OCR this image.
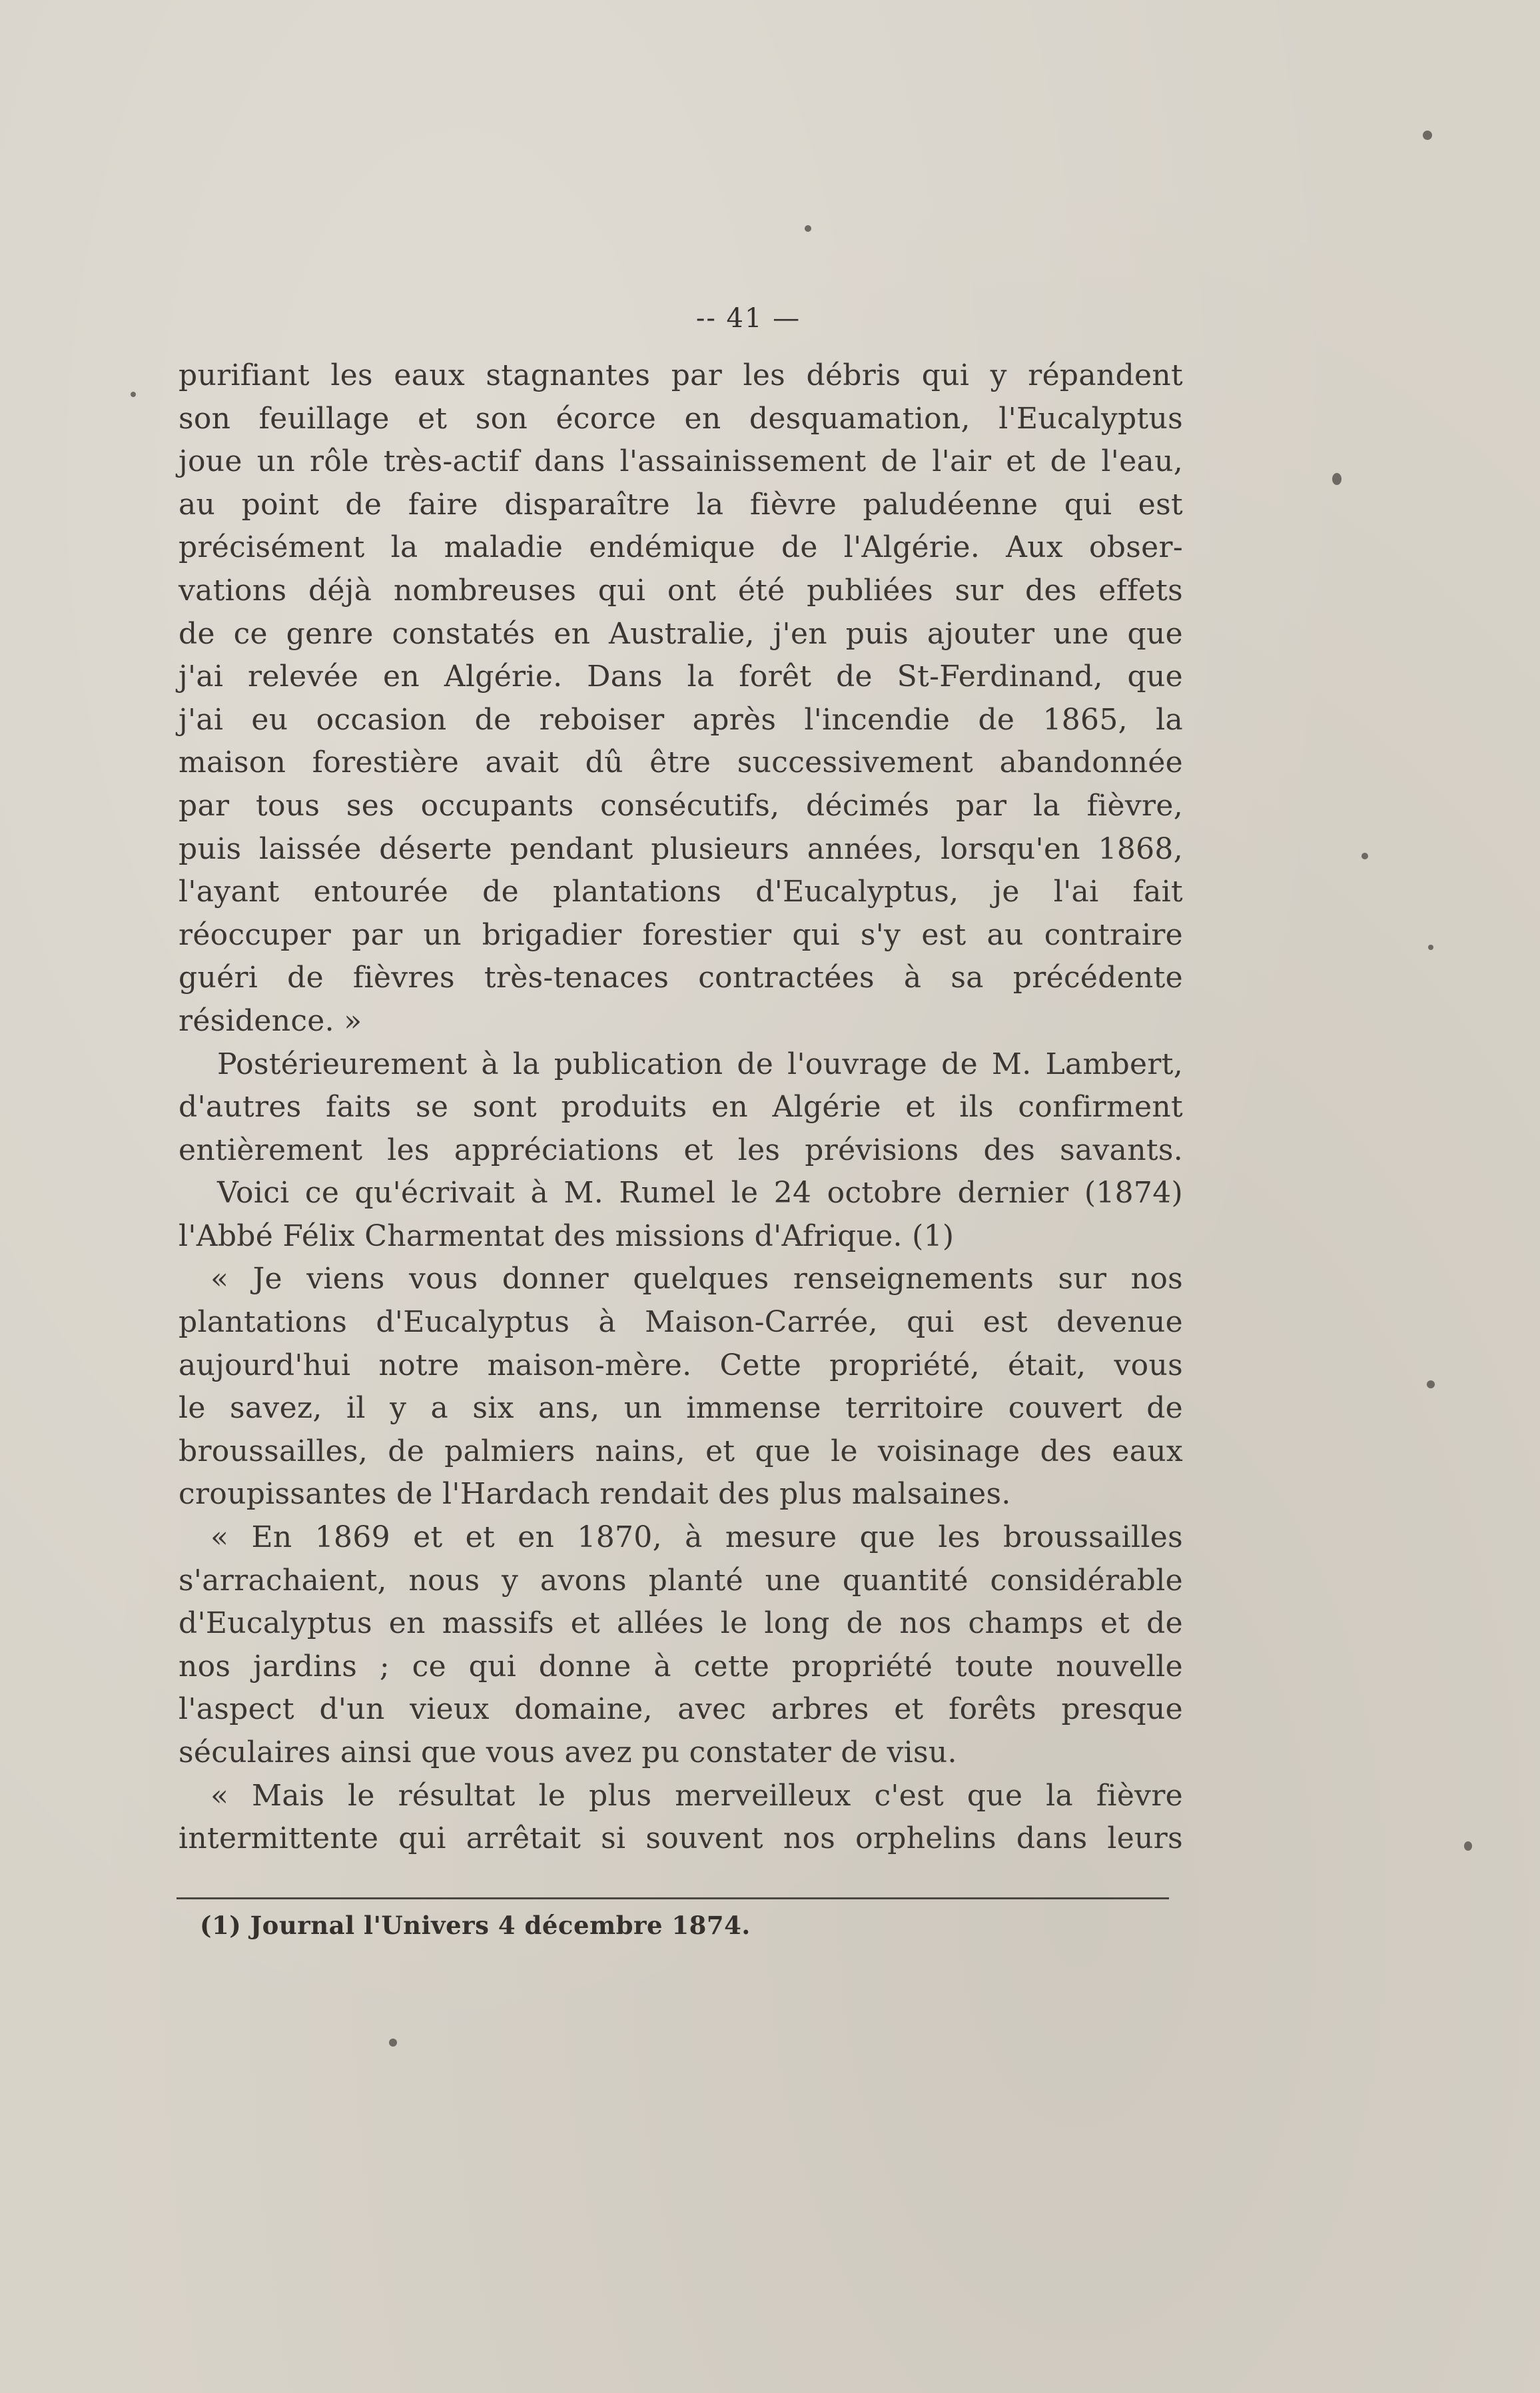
-- 41 —
purifiant les eaux stagnantes par les débris qui y répandent
son feuillage et son écorce en desquamation, l'Eucalyptus
joue un rôle très-actif dans l'assainissement de l'air et de l'eau,
au point de faire disparaître la fièvre paludéenne qui est
précisément la maladie endémique de l'Algérie. Aux obser-
vations déjà nombreuses qui ont été publiées sur des effets
de ce genre constatés en Australie, j'en puis ajouter une que
j'ai relevée en Algérie. Dans la forêt de St-Ferdinand, que
j'ai eu occasion de reboiser après l'incendie de 1865, la
maison forestière avait dû être successivement abandonnée
par tous ses occupants consécutifs, décimés par la fièvre,
puis laissée déserte pendant plusieurs années, lorsqu'en 1868,
l'ayant entourée de plantations d'Eucalyptus, je l'ai fait
réoccuper par un brigadier forestier qui s'y est au contraire
guéri de fièvres très-tenaces contractées à sa précédente
résidence. »
Postérieurement à la publication de l'ouvrage de M. Lambert,
d'autres faits se sont produits en Algérie et ils confirment
entièrement les appréciations et les prévisions des savants.
Voici ce qu'écrivait à M. Rumel le 24 octobre dernier (1874)
l'Abbé Félix Charmentat des missions d'Afrique. (1)
« Je viens vous donner quelques renseignements sur nos
plantations d'Eucalyptus à Maison-Carrée, qui est devenue
aujourd'hui notre maison-mère. Cette propriété, était, vous
le savez, il y a six ans, un immense territoire couvert de
broussailles, de palmiers nains, et que le voisinage des eaux
croupissantes de l'Hardach rendait des plus malsaines.
« En 1869 et et en 1870, à mesure que les broussailles
s'arrachaient, nous y avons planté une quantité considérable
d'Eucalyptus en massifs et allées le long de nos champs et de
nos jardins ; ce qui donne à cette propriété toute nouvelle
l'aspect d'un vieux domaine, avec arbres et forêts presque
séculaires ainsi que vous avez pu constater de visu.
« Mais le résultat le plus merveilleux c'est que la fièvre
intermittente qui arrêtait si souvent nos orphelins dans leurs
(1) Journal l'Univers 4 décembre 1874.
